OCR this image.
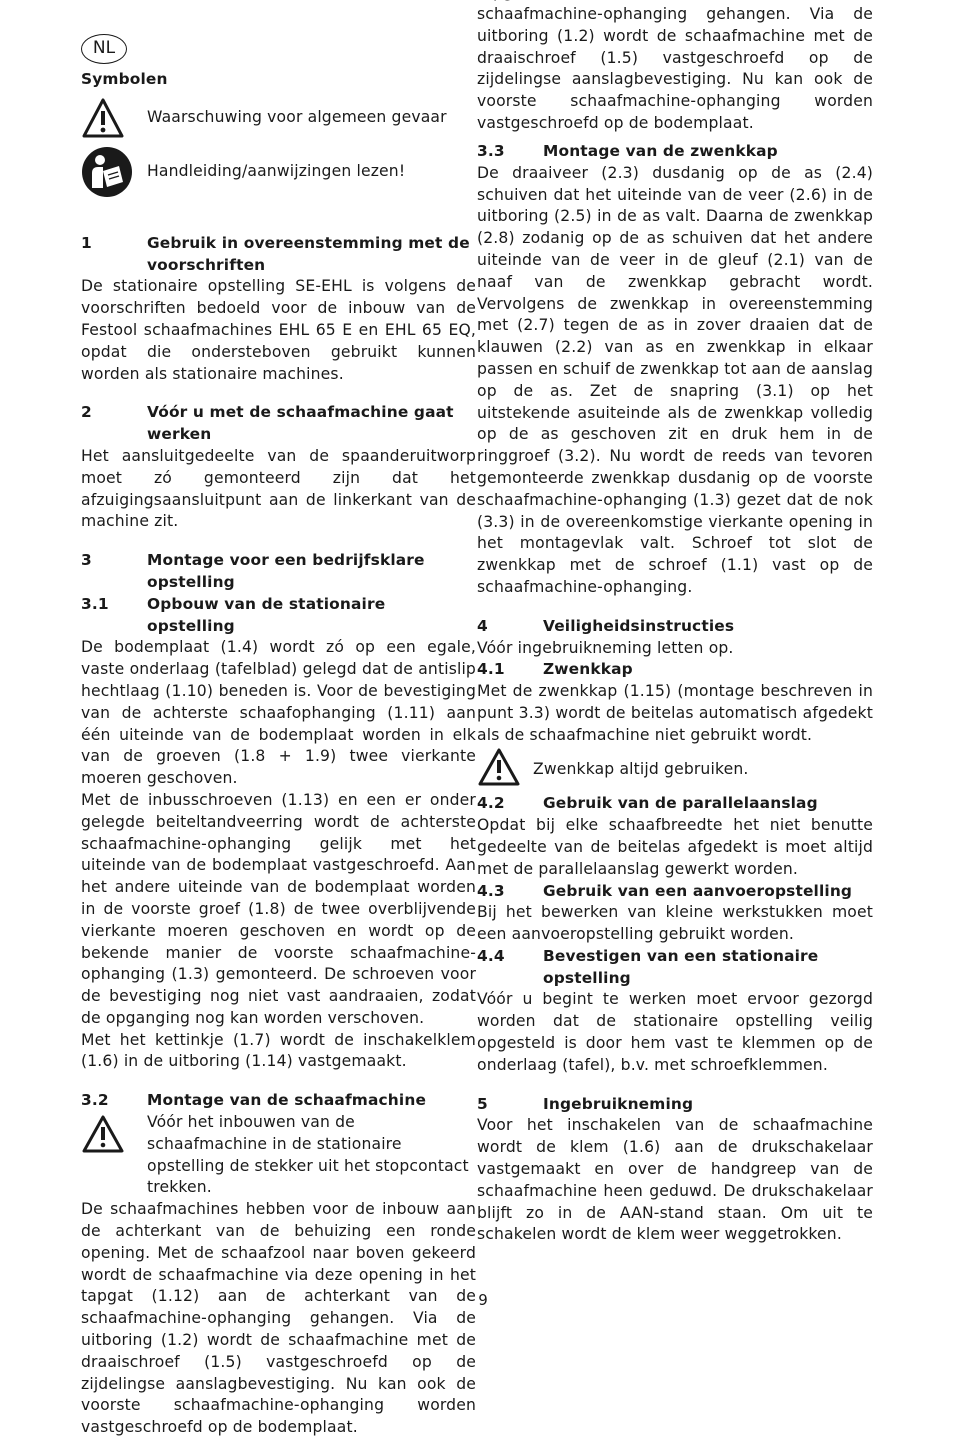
NL

Symbolen

Waarschuwing voor algemeen gevaar
Handleiding/aanwijzingen lezen!

1	Gebruik in overeenstemming met de voorschriften

De stationaire opstelling SE-EHL is volgens de voorschriften bedoeld voor de inbouw van de Festool schaafmachines EHL 65 E en EHL 65 EQ, opdat die ondersteboven gebruikt kunnen worden als stationaire machines.

2	Vóór u met de schaafmachine gaat werken

Het aansluitgedeelte van de spaanderuitworp moet zó gemonteerd zijn dat het afzuigingsaansluitpunt aan de linkerkant van de machine zit.

3	Montage voor een bedrijfsklare opstelling

3.1	Opbouw van de stationaire opstelling

De bodemplaat (1.4) wordt zó op een egale, vaste onderlaag (tafelblad) gelegd dat de antislip hechtlaag (1.10) beneden is. Voor de bevestiging van de achterste schaafophanging (1.11) aan één uiteinde van de bodemplaat worden in elk van de groeven (1.8 + 1.9) twee vierkante moeren geschoven.

Met de inbusschroeven (1.13) en een er onder gelegde beiteltandveerring wordt de achterste schaafmachine-ophanging gelijk met het uiteinde van de bodemplaat vastgeschroefd. Aan het andere uiteinde van de bodemplaat worden in de voorste groef (1.8) de twee overblijvende vierkante moeren geschoven en wordt op de bekende manier de voorste schaafmachine-ophanging (1.3) gemonteerd. De schroeven voor de bevestiging nog niet vast aandraaien, zodat de opganging nog kan worden verschoven.

Met het kettinkje (1.7) wordt de inschakelklem (1.6) in de uitboring (1.14) vastgemaakt.

3.2	Montage van de schaafmachine

Vóór het inbouwen van de schaafmachine in de stationaire opstelling de stekker uit het stopcontact trekken.

De schaafmachines hebben voor de inbouw aan de achterkant van de behuizing een ronde opening. Met de schaafzool naar boven gekeerd wordt de schaafmachine via deze opening in het tapgat (1.12) aan de achterkant van de schaafmachine-ophanging gehangen. Via de uitboring (1.2) wordt de schaafmachine met de draaischroef (1.5) vastgeschroefd op de zijdelingse aanslagbevestiging. Nu kan ook de voorste schaafmachine-ophanging worden vastgeschroefd op de bodemplaat.

schaafmachine-ophanging gehangen. Via de uitboring (1.2) wordt de schaafmachine met de draaischroef (1.5) vastgeschroefd op de zijdelingse aanslagbevestiging. Nu kan ook de voorste schaafmachine-ophanging worden vastgeschroefd op de bodemplaat.

3.3	Montage van de zwenkkap

De draaiveer (2.3) dusdanig op de as (2.4) schuiven dat het uiteinde van de veer (2.6) in de uitboring (2.5) in de as valt. Daarna de zwenkkap (2.8) zodanig op de as schuiven dat het andere uiteinde van de veer in de gleuf (2.1) van de naaf van de zwenkkap gebracht wordt. Vervolgens de zwenkkap in overeenstemming met (2.7) tegen de as in zover draaien dat de klauwen (2.2) van as en zwenkkap in elkaar passen en schuif de zwenkkap tot aan de aanslag op de as. Zet de snapring (3.1) op het uitstekende asuiteinde als de zwenkkap volledig op de as geschoven zit en druk hem in de ringgroef (3.2). Nu wordt de reeds van tevoren gemonteerde zwenkkap dusdanig op de voorste schaafmachine-ophanging (1.3) gezet dat de nok (3.3) in de overeenkomstige vierkante opening in het montagevlak valt. Schroef tot slot de zwenkkap met de schroef (1.1) vast op de schaafmachine-ophanging.

4	Veiligheidsinstructies

Vóór ingebruikneming letten op.

4.1	Zwenkkap

Met de zwenkkap (1.15) (montage beschreven in punt 3.3) wordt de beitelas automatisch afgedekt als de schaafmachine niet gebruikt wordt.

Zwenkkap altijd gebruiken.

4.2	Gebruik van de parallelaanslag

Opdat bij elke schaafbreedte het niet benutte gedeelte van de beitelas afgedekt is moet altijd met de parallelaanslag gewerkt worden.

4.3	Gebruik van een aanvoeropstelling

Bij het bewerken van kleine werkstukken moet een aanvoeropstelling gebruikt worden.

4.4	Bevestigen van een stationaire opstelling

Vóór u begint te werken moet ervoor gezorgd worden dat de stationaire opstelling veilig opgesteld is door hem vast te klemmen op de onderlaag (tafel), b.v. met schroefklemmen.

5	Ingebruikneming

Voor het inschakelen van de schaafmachine wordt de klem (1.6) aan de drukschakelaar vastgemaakt en over de handgreep van de schaafmachine heen geduwd. De drukschakelaar blijft zo in de AAN-stand staan. Om uit te schakelen wordt de klem weer weggetrokken.

9
